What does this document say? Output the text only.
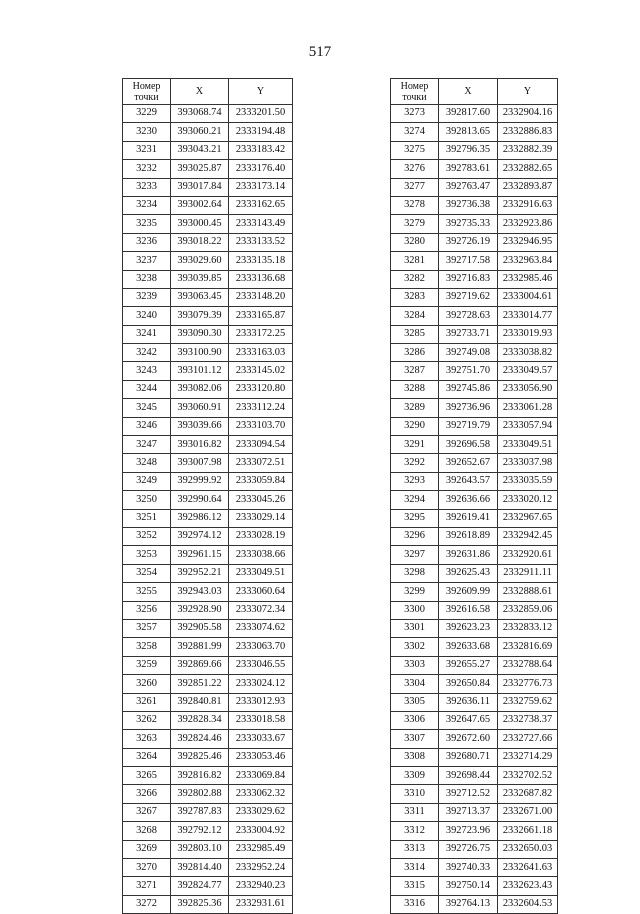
517
Номер
точки	X	Y
3229	393068.74	2333201.50
3230	393060.21	2333194.48
3231	393043.21	2333183.42
3232	393025.87	2333176.40
3233	393017.84	2333173.14
3234	393002.64	2333162.65
3235	393000.45	2333143.49
3236	393018.22	2333133.52
3237	393029.60	2333135.18
3238	393039.85	2333136.68
3239	393063.45	2333148.20
3240	393079.39	2333165.87
3241	393090.30	2333172.25
3242	393100.90	2333163.03
3243	393101.12	2333145.02
3244	393082.06	2333120.80
3245	393060.91	2333112.24
3246	393039.66	2333103.70
3247	393016.82	2333094.54
3248	393007.98	2333072.51
3249	392999.92	2333059.84
3250	392990.64	2333045.26
3251	392986.12	2333029.14
3252	392974.12	2333028.19
3253	392961.15	2333038.66
3254	392952.21	2333049.51
3255	392943.03	2333060.64
3256	392928.90	2333072.34
3257	392905.58	2333074.62
3258	392881.99	2333063.70
3259	392869.66	2333046.55
3260	392851.22	2333024.12
3261	392840.81	2333012.93
3262	392828.34	2333018.58
3263	392824.46	2333033.67
3264	392825.46	2333053.46
3265	392816.82	2333069.84
3266	392802.88	2333062.32
3267	392787.83	2333029.62
3268	392792.12	2333004.92
3269	392803.10	2332985.49
3270	392814.40	2332952.24
3271	392824.77	2332940.23
3272	392825.36	2332931.61
Номер
точки	X	Y
3273	392817.60	2332904.16
3274	392813.65	2332886.83
3275	392796.35	2332882.39
3276	392783.61	2332882.65
3277	392763.47	2332893.87
3278	392736.38	2332916.63
3279	392735.33	2332923.86
3280	392726.19	2332946.95
3281	392717.58	2332963.84
3282	392716.83	2332985.46
3283	392719.62	2333004.61
3284	392728.63	2333014.77
3285	392733.71	2333019.93
3286	392749.08	2333038.82
3287	392751.70	2333049.57
3288	392745.86	2333056.90
3289	392736.96	2333061.28
3290	392719.79	2333057.94
3291	392696.58	2333049.51
3292	392652.67	2333037.98
3293	392643.57	2333035.59
3294	392636.66	2333020.12
3295	392619.41	2332967.65
3296	392618.89	2332942.45
3297	392631.86	2332920.61
3298	392625.43	2332911.11
3299	392609.99	2332888.61
3300	392616.58	2332859.06
3301	392623.23	2332833.12
3302	392633.68	2332816.69
3303	392655.27	2332788.64
3304	392650.84	2332776.73
3305	392636.11	2332759.62
3306	392647.65	2332738.37
3307	392672.60	2332727.66
3308	392680.71	2332714.29
3309	392698.44	2332702.52
3310	392712.52	2332687.82
3311	392713.37	2332671.00
3312	392723.96	2332661.18
3313	392726.75	2332650.03
3314	392740.33	2332641.63
3315	392750.14	2332623.43
3316	392764.13	2332604.53
